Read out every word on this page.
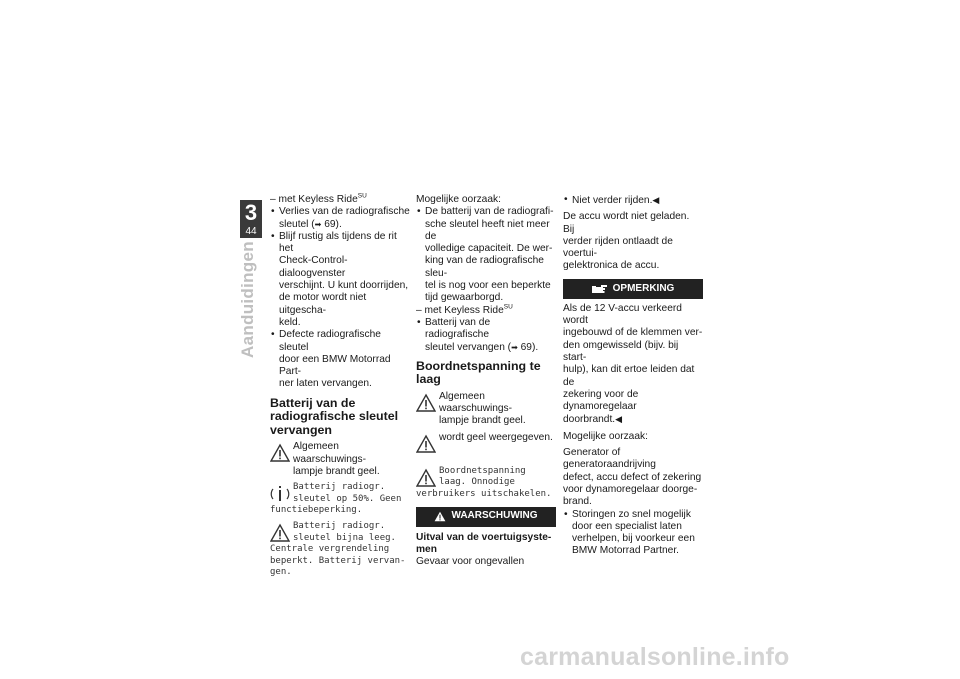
3
44
Aanduidingen
– met Keyless Ride$^{SU}$
• Verlies van de radiografische
sleutel (➡ 69).
• Blijf rustig als tijdens de rit het
Check-Control-dialoogvenster
verschijnt. U kunt doorrijden,
de motor wordt niet uitgescha-
keld.
• Defecte radiografische sleutel
door een BMW Motorrad Part-
ner laten vervangen.
Batterij van de
radiografische sleutel
vervangen
Algemeen waarschuwings-
lampje brandt geel.
Batterij radiogr.
sleutel op 50%. Geen
functiebeperking.
Batterij radiogr.
sleutel bijna leeg.
Centrale vergrendeling
beperkt. Batterij vervan-
gen.
Mogelijke oorzaak:
• De batterij van de radiografi-
sche sleutel heeft niet meer de
volledige capaciteit. De wer-
king van de radiografische sleu-
tel is nog voor een beperkte
tijd gewaarborgd.
– met Keyless Ride$^{SU}$
• Batterij van de radiografische
sleutel vervangen (➡ 69).
Boordnetspanning te laag
Algemeen waarschuwings-
lampje brandt geel.
wordt geel weergegeven.
Boordnetspanning
laag. Onnodige
verbruikers uitschakelen.
WAARSCHUWING
Uitval van de voertuigsyste-
men
Gevaar voor ongevallen
• Niet verder rijden.◀
De accu wordt niet geladen. Bij
verder rijden ontlaadt de voertui-
gelektronica de accu.
OPMERKING
Als de 12 V-accu verkeerd wordt
ingebouwd of de klemmen ver-
den omgewisseld (bijv. bij start-
hulp), kan dit ertoe leiden dat de
zekering voor de dynamoregelaar
doorbrandt.◀
Mogelijke oorzaak:
Generator of generatoraandrijving
defect, accu defect of zekering
voor dynamoregelaar doorge-
brand.
• Storingen zo snel mogelijk
door een specialist laten
verhelpen, bij voorkeur een
BMW Motorrad Partner.
carmanualsonline.info
